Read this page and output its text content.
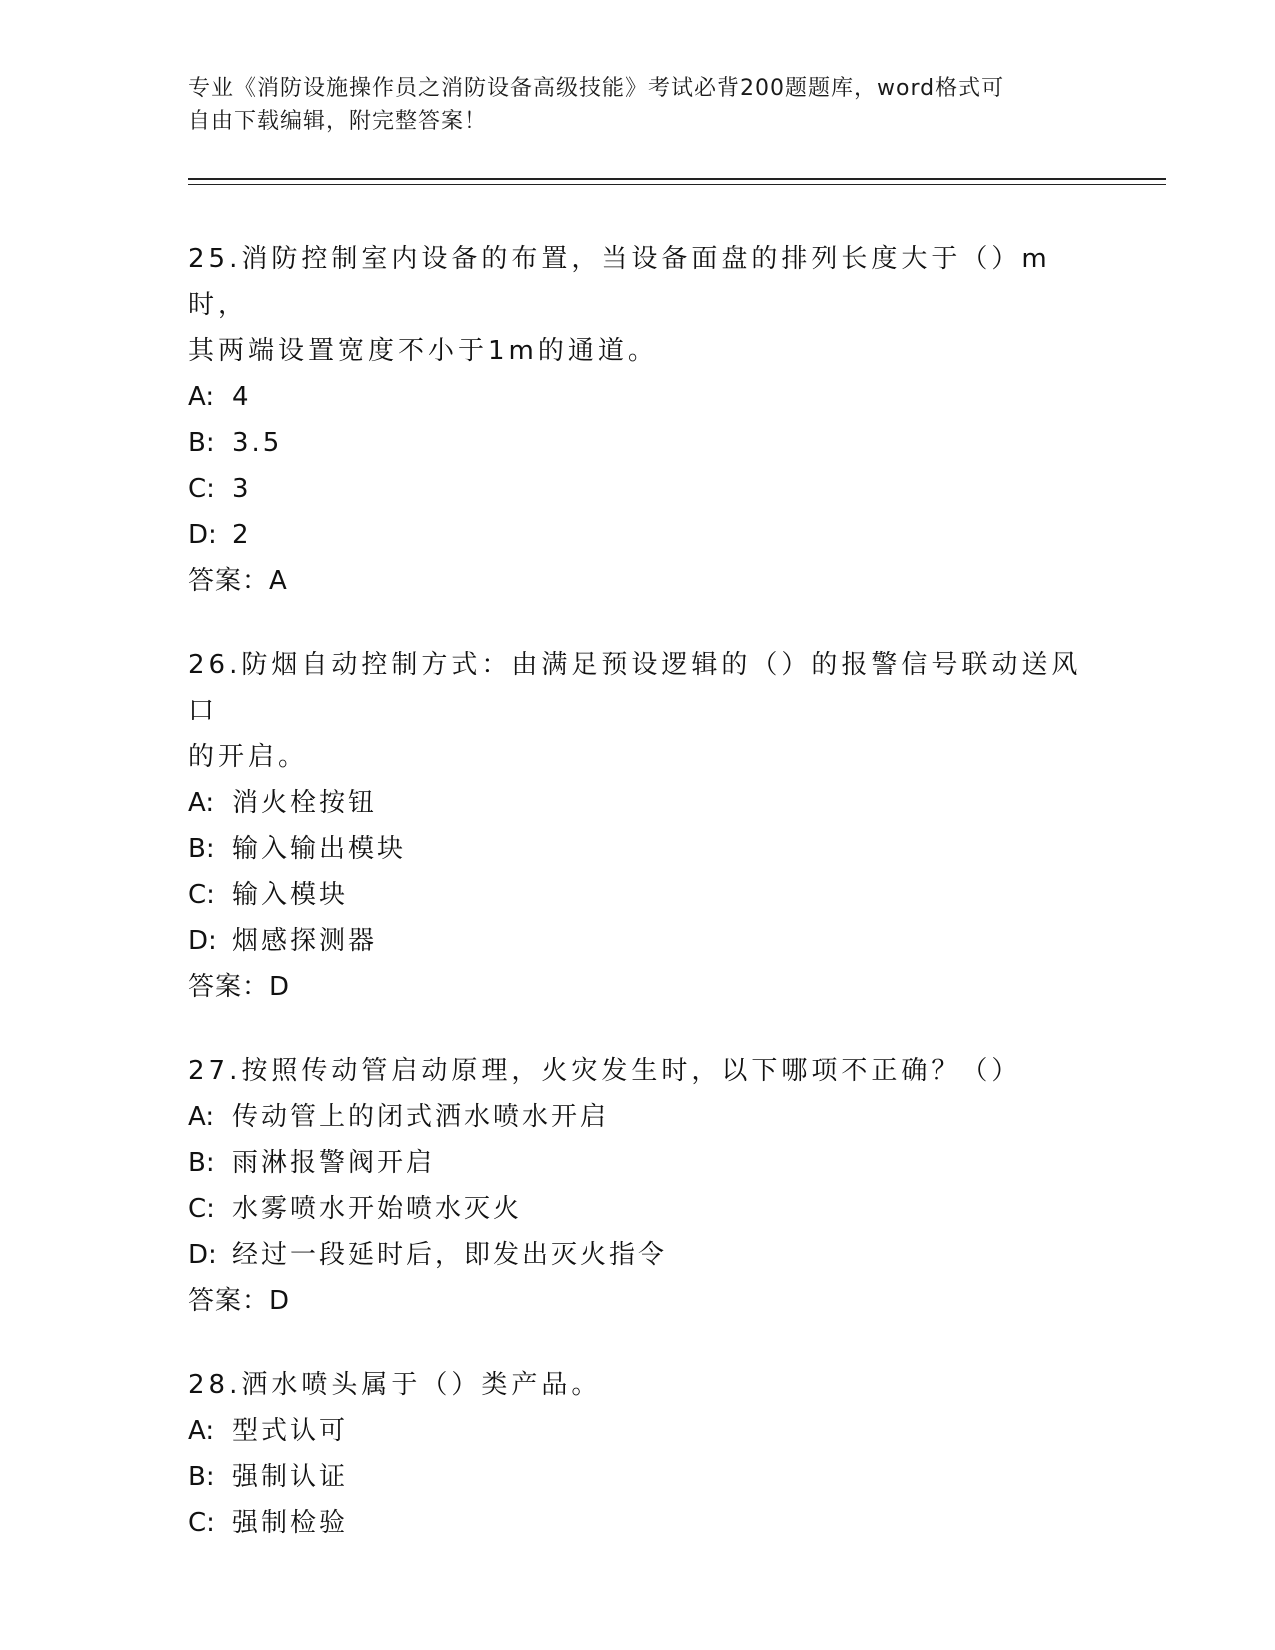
专业《消防设施操作员之消防设备高级技能》考试必背200题题库，word格式可
自由下载编辑，附完整答案！

25.消防控制室内设备的布置，当设备面盘的排列长度大于（）m时，

其两端设置宽度不小于1m的通道。

A: 4

B: 3.5

C: 3

D: 2

答案：A

26.防烟自动控制方式：由满足预设逻辑的（）的报警信号联动送风口

的开启。

A: 消火栓按钮

B: 输入输出模块

C: 输入模块

D: 烟感探测器

答案：D

27.按照传动管启动原理，火灾发生时，以下哪项不正确？（）

A: 传动管上的闭式洒水喷水开启

B: 雨淋报警阀开启

C: 水雾喷水开始喷水灭火

D: 经过一段延时后，即发出灭火指令

答案：D

28.洒水喷头属于（）类产品。

A: 型式认可

B: 强制认证

C: 强制检验
